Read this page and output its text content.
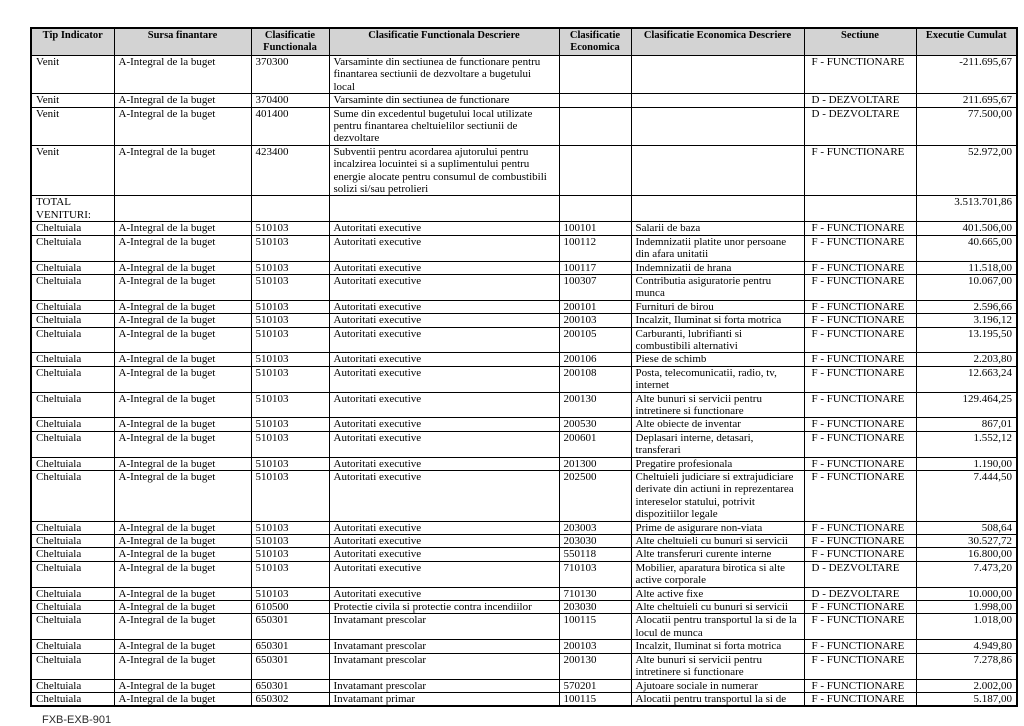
Tip Indicator	Sursa finantare	Clasificatie Functionala	Clasificatie Functionala Descriere	Clasificatie Economica	Clasificatie Economica Descriere	Sectiune	Executie Cumulat
Venit	A-Integral de la buget	370300	Varsaminte din sectiunea de functionare pentru finantarea sectiunii de dezvoltare a bugetului local			F - FUNCTIONARE	-211.695,67
Venit	A-Integral de la buget	370400	Varsaminte din sectiunea de functionare			D - DEZVOLTARE	211.695,67
Venit	A-Integral de la buget	401400	Sume din excedentul bugetului local utilizate pentru finantarea cheltuielilor sectiunii de dezvoltare			D - DEZVOLTARE	77.500,00
Venit	A-Integral de la buget	423400	Subventii pentru acordarea ajutorului pentru incalzirea locuintei si a suplimentului pentru energie alocate pentru consumul de combustibili solizi si/sau petrolieri			F - FUNCTIONARE	52.972,00
TOTAL VENITURI:							3.513.701,86
Cheltuiala	A-Integral de la buget	510103	Autoritati executive	100101	Salarii de baza	F - FUNCTIONARE	401.506,00
Cheltuiala	A-Integral de la buget	510103	Autoritati executive	100112	Indemnizatii platite unor persoane din afara unitatii	F - FUNCTIONARE	40.665,00
Cheltuiala	A-Integral de la buget	510103	Autoritati executive	100117	Indemnizatii de hrana	F - FUNCTIONARE	11.518,00
Cheltuiala	A-Integral de la buget	510103	Autoritati executive	100307	Contributia asiguratorie pentru munca	F - FUNCTIONARE	10.067,00
Cheltuiala	A-Integral de la buget	510103	Autoritati executive	200101	Furnituri de birou	F - FUNCTIONARE	2.596,66
Cheltuiala	A-Integral de la buget	510103	Autoritati executive	200103	Incalzit, Iluminat si forta motrica	F - FUNCTIONARE	3.196,12
Cheltuiala	A-Integral de la buget	510103	Autoritati executive	200105	Carburanti, lubrifianti si combustibili alternativi	F - FUNCTIONARE	13.195,50
Cheltuiala	A-Integral de la buget	510103	Autoritati executive	200106	Piese de schimb	F - FUNCTIONARE	2.203,80
Cheltuiala	A-Integral de la buget	510103	Autoritati executive	200108	Posta, telecomunicatii, radio, tv, internet	F - FUNCTIONARE	12.663,24
Cheltuiala	A-Integral de la buget	510103	Autoritati executive	200130	Alte bunuri si servicii pentru intretinere si functionare	F - FUNCTIONARE	129.464,25
Cheltuiala	A-Integral de la buget	510103	Autoritati executive	200530	Alte obiecte de inventar	F - FUNCTIONARE	867,01
Cheltuiala	A-Integral de la buget	510103	Autoritati executive	200601	Deplasari interne, detasari, transferari	F - FUNCTIONARE	1.552,12
Cheltuiala	A-Integral de la buget	510103	Autoritati executive	201300	Pregatire profesionala	F - FUNCTIONARE	1.190,00
Cheltuiala	A-Integral de la buget	510103	Autoritati executive	202500	Cheltuieli judiciare si extrajudiciare derivate din actiuni in reprezentarea intereselor statului, potrivit dispozitiilor legale	F - FUNCTIONARE	7.444,50
Cheltuiala	A-Integral de la buget	510103	Autoritati executive	203003	Prime de asigurare non-viata	F - FUNCTIONARE	508,64
Cheltuiala	A-Integral de la buget	510103	Autoritati executive	203030	Alte cheltuieli cu bunuri si servicii	F - FUNCTIONARE	30.527,72
Cheltuiala	A-Integral de la buget	510103	Autoritati executive	550118	Alte transferuri curente interne	F - FUNCTIONARE	16.800,00
Cheltuiala	A-Integral de la buget	510103	Autoritati executive	710103	Mobilier, aparatura birotica si alte active corporale	D - DEZVOLTARE	7.473,20
Cheltuiala	A-Integral de la buget	510103	Autoritati executive	710130	Alte active fixe	D - DEZVOLTARE	10.000,00
Cheltuiala	A-Integral de la buget	610500	Protectie civila si protectie contra incendiilor	203030	Alte cheltuieli cu bunuri si servicii	F - FUNCTIONARE	1.998,00
Cheltuiala	A-Integral de la buget	650301	Invatamant prescolar	100115	Alocatii pentru transportul la si de la locul de munca	F - FUNCTIONARE	1.018,00
Cheltuiala	A-Integral de la buget	650301	Invatamant prescolar	200103	Incalzit, Iluminat si forta motrica	F - FUNCTIONARE	4.949,80
Cheltuiala	A-Integral de la buget	650301	Invatamant prescolar	200130	Alte bunuri si servicii pentru intretinere si functionare	F - FUNCTIONARE	7.278,86
Cheltuiala	A-Integral de la buget	650301	Invatamant prescolar	570201	Ajutoare sociale in numerar	F - FUNCTIONARE	2.002,00
Cheltuiala	A-Integral de la buget	650302	Invatamant primar	100115	Alocatii pentru transportul la si de	F - FUNCTIONARE	5.187,00
FXB-EXB-901
